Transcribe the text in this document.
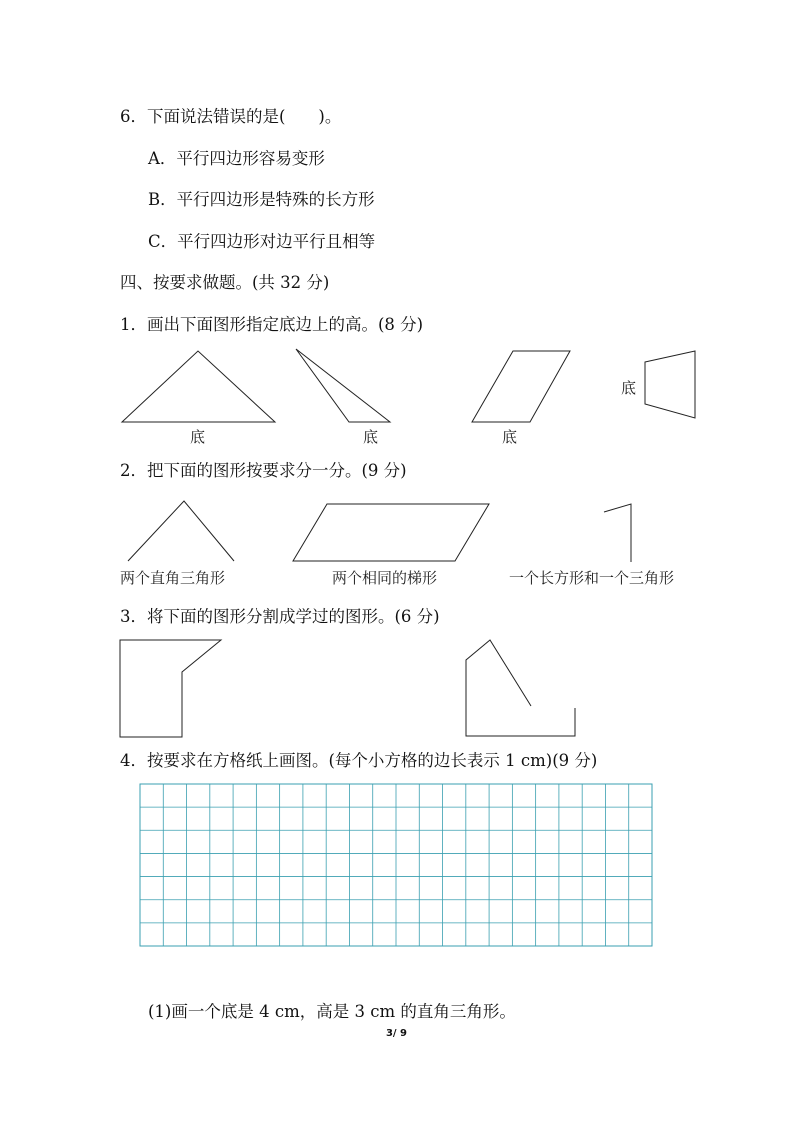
6．下面说法错误的是(　　)。
A．平行四边形容易变形
B．平行四边形是特殊的长方形
C．平行四边形对边平行且相等
四、按要求做题。(共 32 分)
1．画出下面图形指定底边上的高。(8 分)
底	底	底
底
两个直角三角形	两个相同的梯形	一个长方形和一个三角形
2．把下面的图形按要求分一分。(9 分)
3．将下面的图形分割成学过的图形。(6 分)
4．按要求在方格纸上画图。(每个小方格的边长表示 1 cm)(9 分)
(1)画一个底是 4 cm，高是 3 cm 的直角三角形。
3/ 9
